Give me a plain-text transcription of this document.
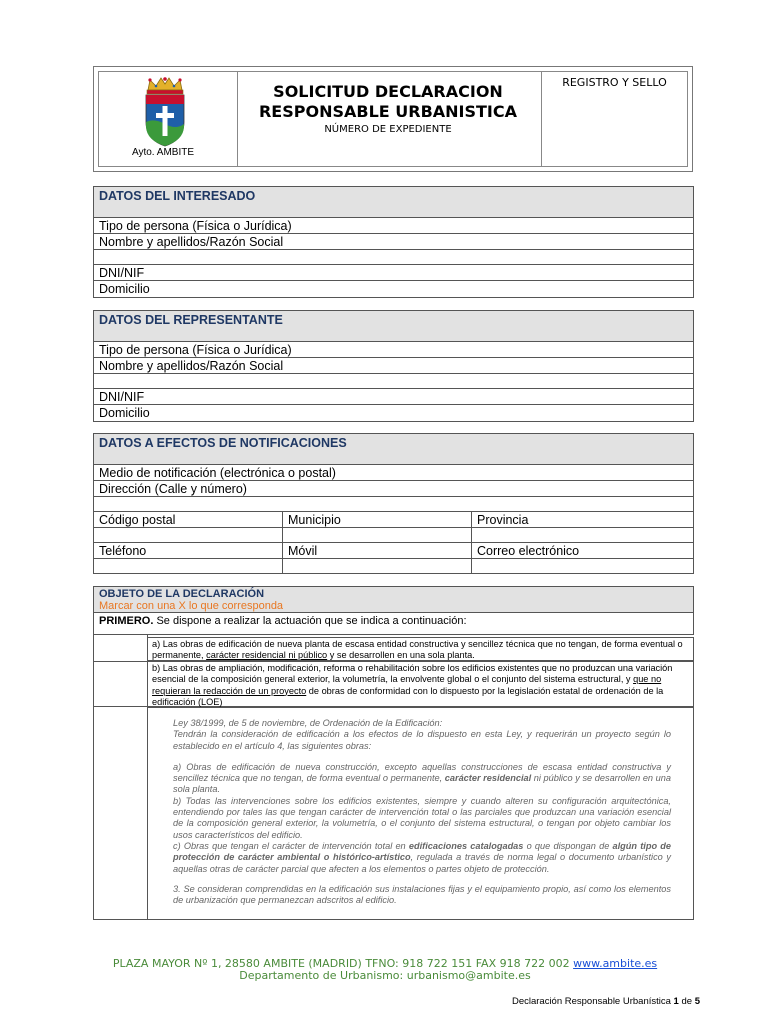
Ayto. AMBITE
SOLICITUD DECLARACION
RESPONSABLE URBANISTICA
NÚMERO DE EXPEDIENTE
REGISTRO Y SELLO
DATOS DEL INTERESADO
Tipo de persona (Física o Jurídica)
Nombre y apellidos/Razón Social
DNI/NIF
Domicilio
DATOS DEL REPRESENTANTE
Tipo de persona (Física o Jurídica)
Nombre y apellidos/Razón Social
DNI/NIF
Domicilio
DATOS A EFECTOS DE NOTIFICACIONES
Medio de notificación (electrónica o postal)
Dirección (Calle y número)
Código postal	Municipio	Provincia
Teléfono	Móvil	Correo electrónico
OBJETO DE LA DECLARACIÓN
Marcar con una X lo que corresponda
PRIMERO. Se dispone a realizar la actuación que se indica a continuación:
a) Las obras de edificación de nueva planta de escasa entidad constructiva y sencillez técnica que no tengan, de forma eventual o permanente, carácter residencial ni público y se desarrollen en una sola planta.
b) Las obras de ampliación, modificación, reforma o rehabilitación sobre los edificios existentes que no produzcan una variación esencial de la composición general exterior, la volumetría, la envolvente global o el conjunto del sistema estructural, y que no requieran la redacción de un proyecto de obras de conformidad con lo dispuesto por la legislación estatal de ordenación de la edificación (LOE)

Ley 38/1999, de 5 de noviembre, de Ordenación de la Edificación:

Tendrán la consideración de edificación a los efectos de lo dispuesto en esta Ley, y requerirán un proyecto según lo establecido en el artículo 4, las siguientes obras:

a) Obras de edificación de nueva construcción, excepto aquellas construcciones de escasa entidad constructiva y sencillez técnica que no tengan, de forma eventual o permanente, carácter residencial ni público y se desarrollen en una sola planta.

b) Todas las intervenciones sobre los edificios existentes, siempre y cuando alteren su configuración arquitectónica, entendiendo por tales las que tengan carácter de intervención total o las parciales que produzcan una variación esencial de la composición general exterior, la volumetría, o el conjunto del sistema estructural, o tengan por objeto cambiar los usos característicos del edificio.

c) Obras que tengan el carácter de intervención total en edificaciones catalogadas o que dispongan de algún tipo de protección de carácter ambiental o histórico-artístico, regulada a través de norma legal o documento urbanístico y aquellas otras de carácter parcial que afecten a los elementos o partes objeto de protección.

3. Se consideran comprendidas en la edificación sus instalaciones fijas y el equipamiento propio, así como los elementos de urbanización que permanezcan adscritos al edificio.

PLAZA MAYOR Nº 1, 28580 AMBITE (MADRID) TFNO: 918 722 151 FAX 918 722 002 www.ambite.es
Departamento de Urbanismo: urbanismo@ambite.es
Declaración Responsable Urbanística 1 de 5
